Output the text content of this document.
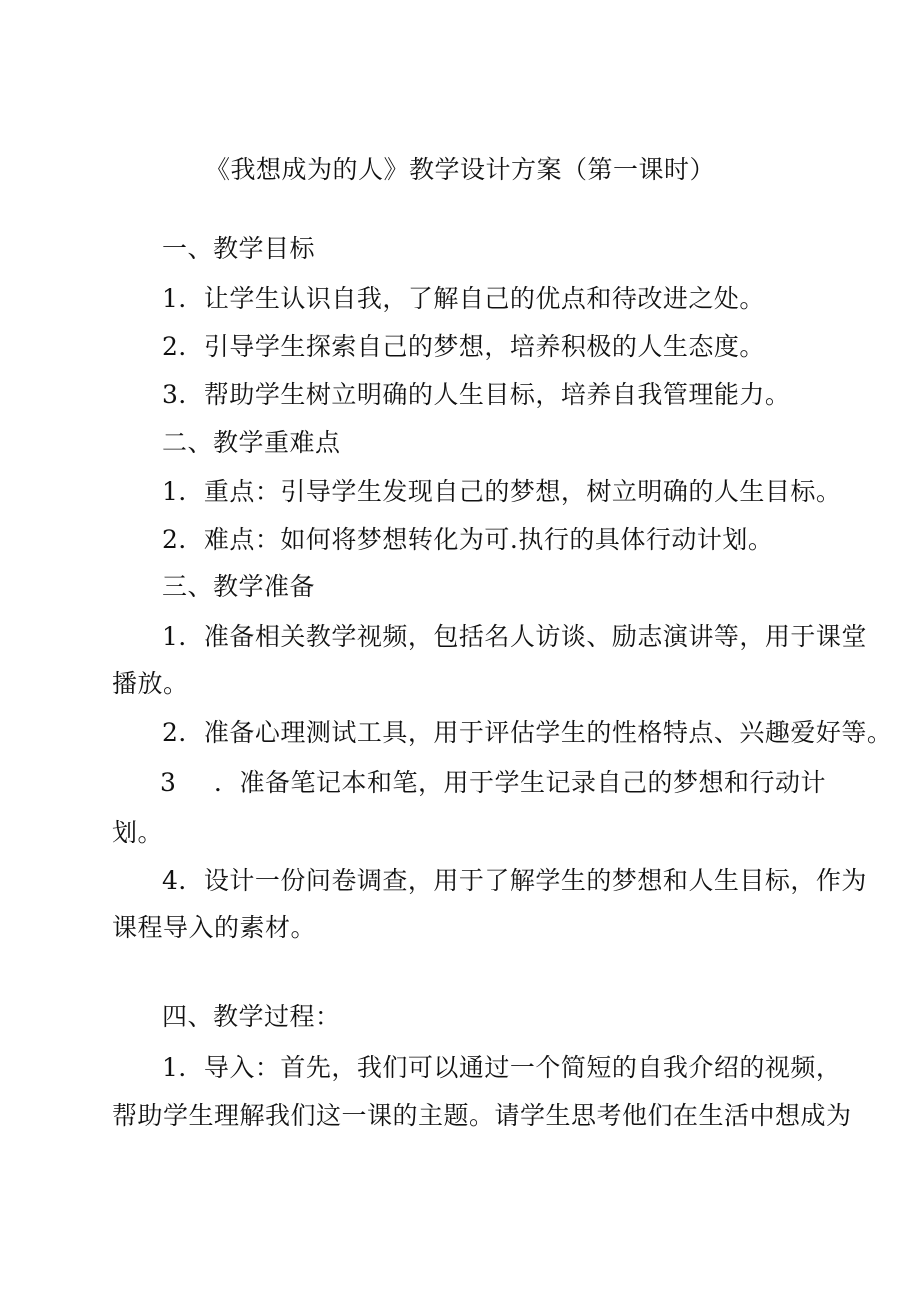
《我想成为的人》教学设计方案（第一课时）
一、教学目标
1．让学生认识自我，了解自己的优点和待改进之处。
2．引导学生探索自己的梦想，培养积极的人生态度。
3．帮助学生树立明确的人生目标，培养自我管理能力。
二、教学重难点
1．重点：引导学生发现自己的梦想，树立明确的人生目标。
2．难点：如何将梦想转化为可.执行的具体行动计划。
三、教学准备
1．准备相关教学视频，包括名人访谈、励志演讲等，用于课堂
播放。
2．准备心理测试工具，用于评估学生的性格特点、兴趣爱好等。
3 ．准备笔记本和笔，用于学生记录自己的梦想和行动计
划。
4．设计一份问卷调查，用于了解学生的梦想和人生目标，作为
课程导入的素材。
四、教学过程：
1．导入：首先，我们可以通过一个简短的自我介绍的视频，
帮助学生理解我们这一课的主题。请学生思考他们在生活中想成为
